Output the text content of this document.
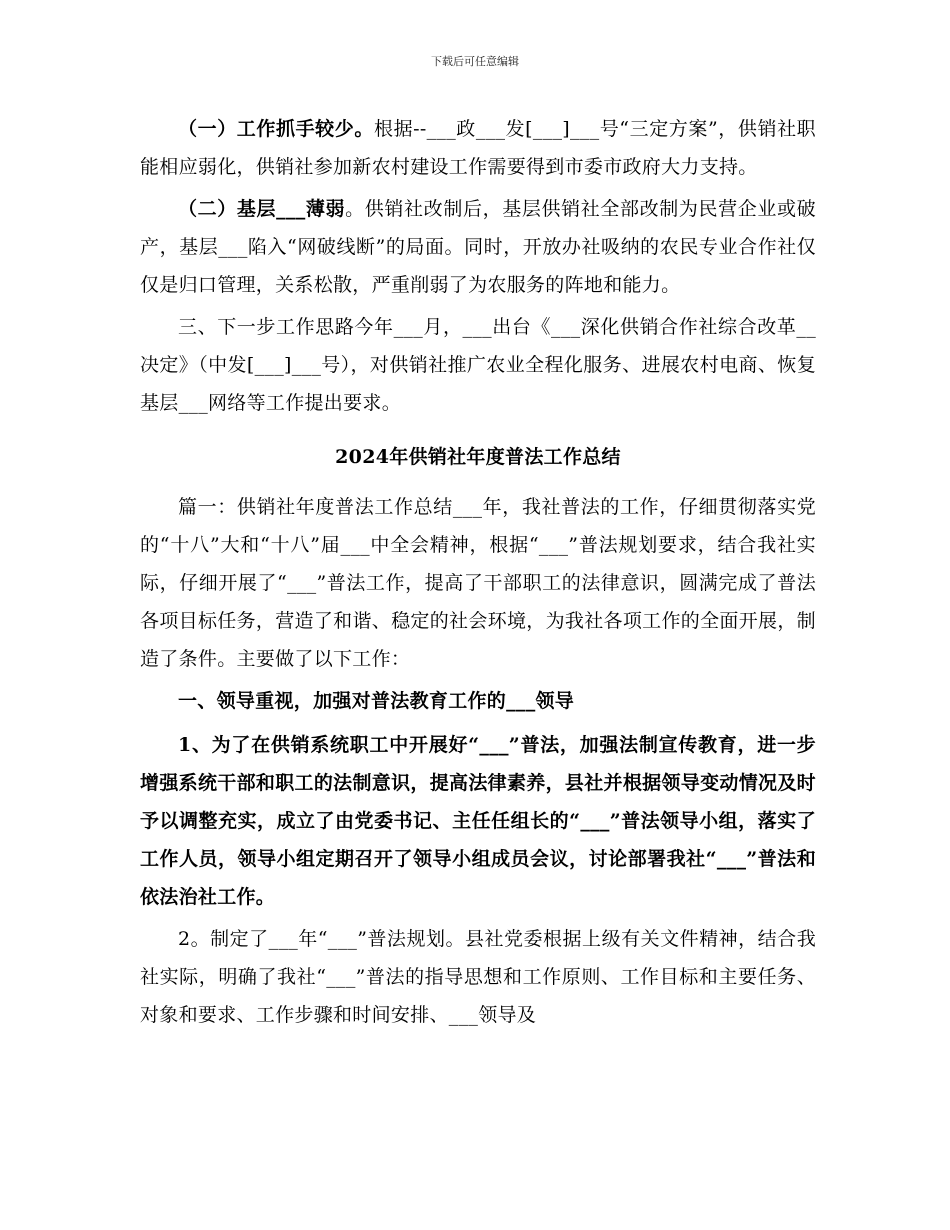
下载后可任意编辑

（一）工作抓手较少。根据--___政___发[___]___号“三定方案”，供销社职能相应弱化，供销社参加新农村建设工作需要得到市委市政府大力支持。

（二）基层___薄弱。供销社改制后，基层供销社全部改制为民营企业或破产，基层___陷入“网破线断”的局面。同时，开放办社吸纳的农民专业合作社仅仅是归口管理，关系松散，严重削弱了为农服务的阵地和能力。

三、下一步工作思路今年___月，___出台《___深化供销合作社综合改革__决定》（中发[___]___号），对供销社推广农业全程化服务、进展农村电商、恢复基层___网络等工作提出要求。

2024年供销社年度普法工作总结

篇一：供销社年度普法工作总结___年，我社普法的工作，仔细贯彻落实党的“十八”大和“十八”届___中全会精神，根据“___”普法规划要求，结合我社实际，仔细开展了“___”普法工作，提高了干部职工的法律意识，圆满完成了普法各项目标任务，营造了和谐、稳定的社会环境，为我社各项工作的全面开展，制造了条件。主要做了以下工作：

一、领导重视，加强对普法教育工作的___领导

1、为了在供销系统职工中开展好“___”普法，加强法制宣传教育，进一步增强系统干部和职工的法制意识，提高法律素养，县社并根据领导变动情况及时予以调整充实，成立了由党委书记、主任任组长的“___”普法领导小组，落实了工作人员，领导小组定期召开了领导小组成员会议，讨论部署我社“___”普法和依法治社工作。

2。制定了___年“___”普法规划。县社党委根据上级有关文件精神，结合我社实际，明确了我社“___”普法的指导思想和工作原则、工作目标和主要任务、对象和要求、工作步骤和时间安排、___领导及
